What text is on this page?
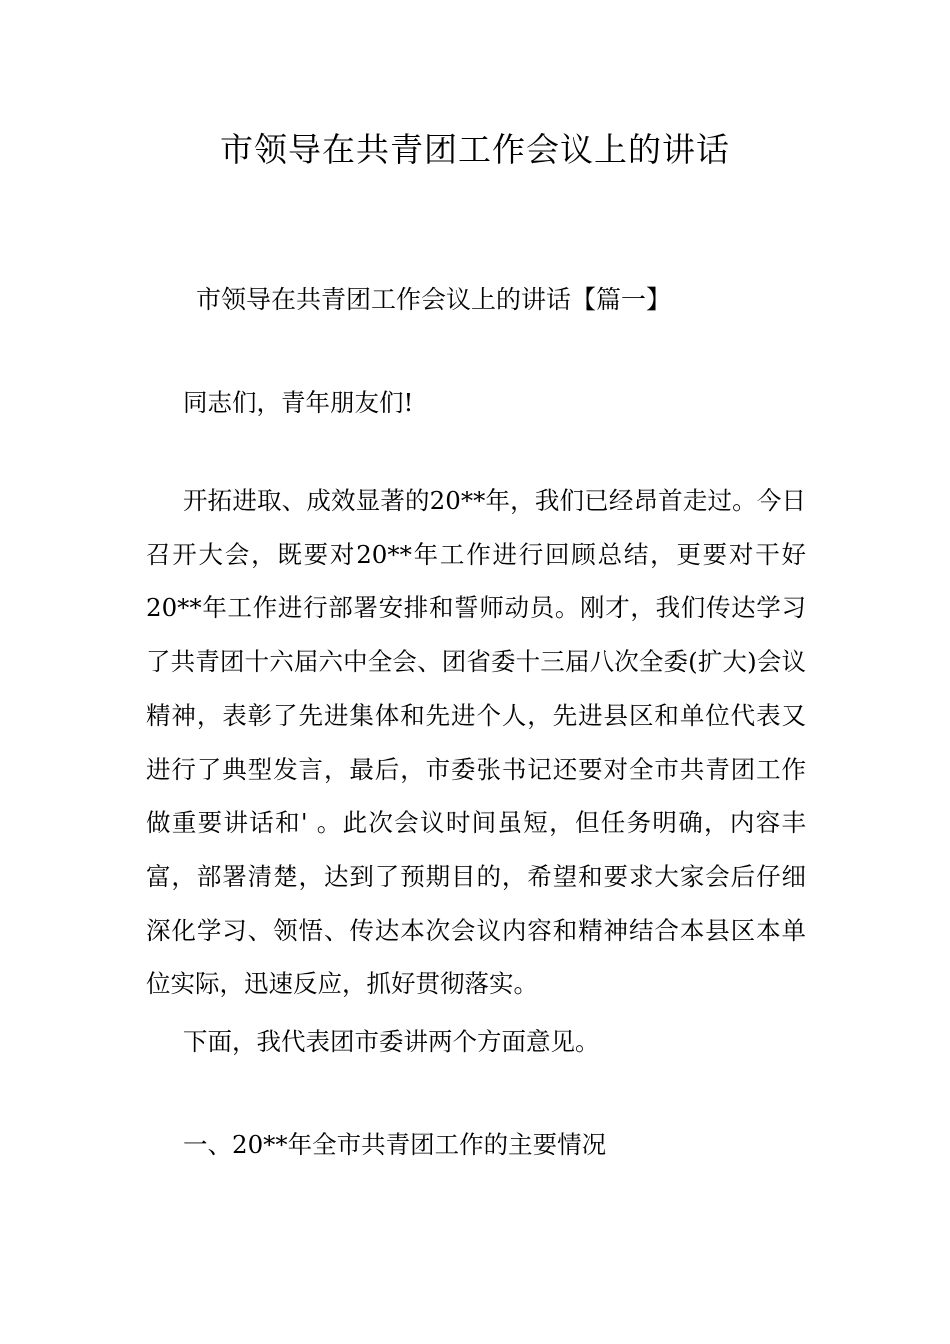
市领导在共青团工作会议上的讲话

市领导在共青团工作会议上的讲话【篇一】

同志们，青年朋友们!

开拓进取、成效显著的20**年，我们已经昂首走过。今日召开大会，既要对20**年工作进行回顾总结，更要对干好20**年工作进行部署安排和誓师动员。刚才，我们传达学习了共青团十六届六中全会、团省委十三届八次全委(扩大)会议精神，表彰了先进集体和先进个人，先进县区和单位代表又进行了典型发言，最后，市委张书记还要对全市共青团工作做重要讲话和' 。此次会议时间虽短，但任务明确，内容丰富，部署清楚，达到了预期目的，希望和要求大家会后仔细深化学习、领悟、传达本次会议内容和精神结合本县区本单位实际，迅速反应，抓好贯彻落实。

下面，我代表团市委讲两个方面意见。

一、20**年全市共青团工作的主要情况
